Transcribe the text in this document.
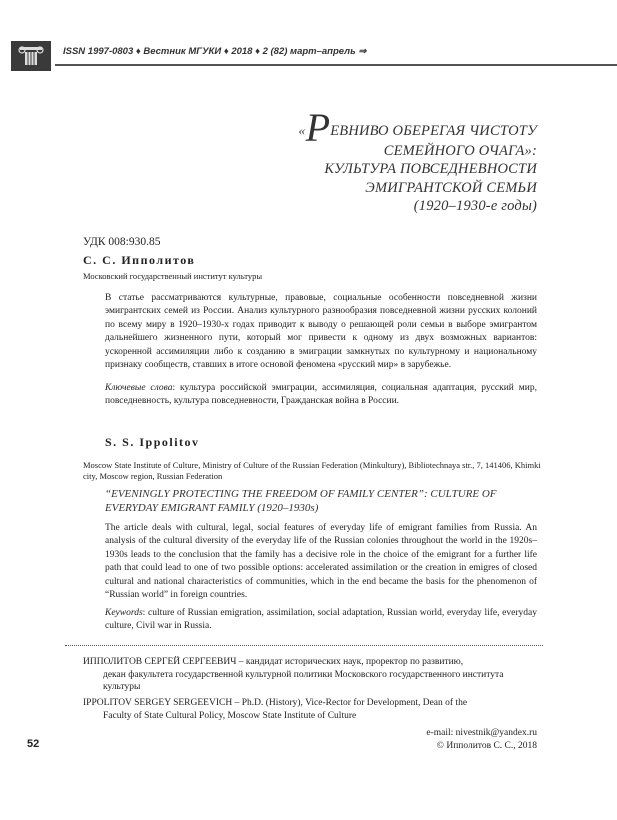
ISSN 1997-0803 ♦ Вестник МГУКИ ♦ 2018 ♦ 2 (82) март–апрель ⇒
«РЕВНИВО ОБЕРЕГАЯ ЧИСТОТУ
СЕМЕЙНОГО ОЧАГА»:
КУЛЬТУРА ПОВСЕДНЕВНОСТИ
ЭМИГРАНТСКОЙ СЕМЬИ
(1920–1930-е годы)
УДК 008:930.85
С. С. Ипполитов
Московский государственный институт культуры
В статье рассматриваются культурные, правовые, социальные особенности повседневной жизни эмигрантских семей из России. Анализ культурного разнообразия повседневной жизни русских колоний по всему миру в 1920–1930-х годах приводит к выводу о решающей роли семьи в выборе эмигрантом дальнейшего жизненного пути, который мог привести к одному из двух возможных вариантов: ускоренной ассимиляции либо к созданию в эмиграции замкнутых по культурному и национальному признаку сообществ, ставших в итоге основой феномена «русский мир» в зарубежье.
Ключевые слова: культура российской эмиграции, ассимиляция, социальная адаптация, русский мир, повседневность, культура повседневности, Гражданская война в России.
S. S. Ippolitov
Moscow State Institute of Culture, Ministry of Culture of the Russian Federation (Minkultury), Bibliotechnaya str., 7, 141406, Khimki city, Moscow region, Russian Federation
“EVENINGLY PROTECTING THE FREEDOM OF FAMILY CENTER”: CULTURE OF EVERYDAY EMIGRANT FAMILY (1920–1930s)
The article deals with cultural, legal, social features of everyday life of emigrant families from Russia. An analysis of the cultural diversity of the everyday life of the Russian colonies throughout the world in the 1920s–1930s leads to the conclusion that the family has a decisive role in the choice of the emigrant for a further life path that could lead to one of two possible options: accelerated assimilation or the creation in emigres of closed cultural and national characteristics of communities, which in the end became the basis for the phenomenon of “Russian world” in foreign countries.
Keywords: culture of Russian emigration, assimilation, social adaptation, Russian world, everyday life, everyday culture, Civil war in Russia.
ИППОЛИТОВ СЕРГЕЙ СЕРГЕЕВИЧ – кандидат исторических наук, проректор по развитию,
декан факультета государственной культурной политики Московского государственного института культуры
IPPOLITOV SERGEY SERGEEVICH – Ph.D. (History), Vice-Rector for Development, Dean of the
Faculty of State Cultural Policy, Moscow State Institute of Culture
e-mail: nivestnik@yandex.ru
© Ипполитов С. С., 2018
52
